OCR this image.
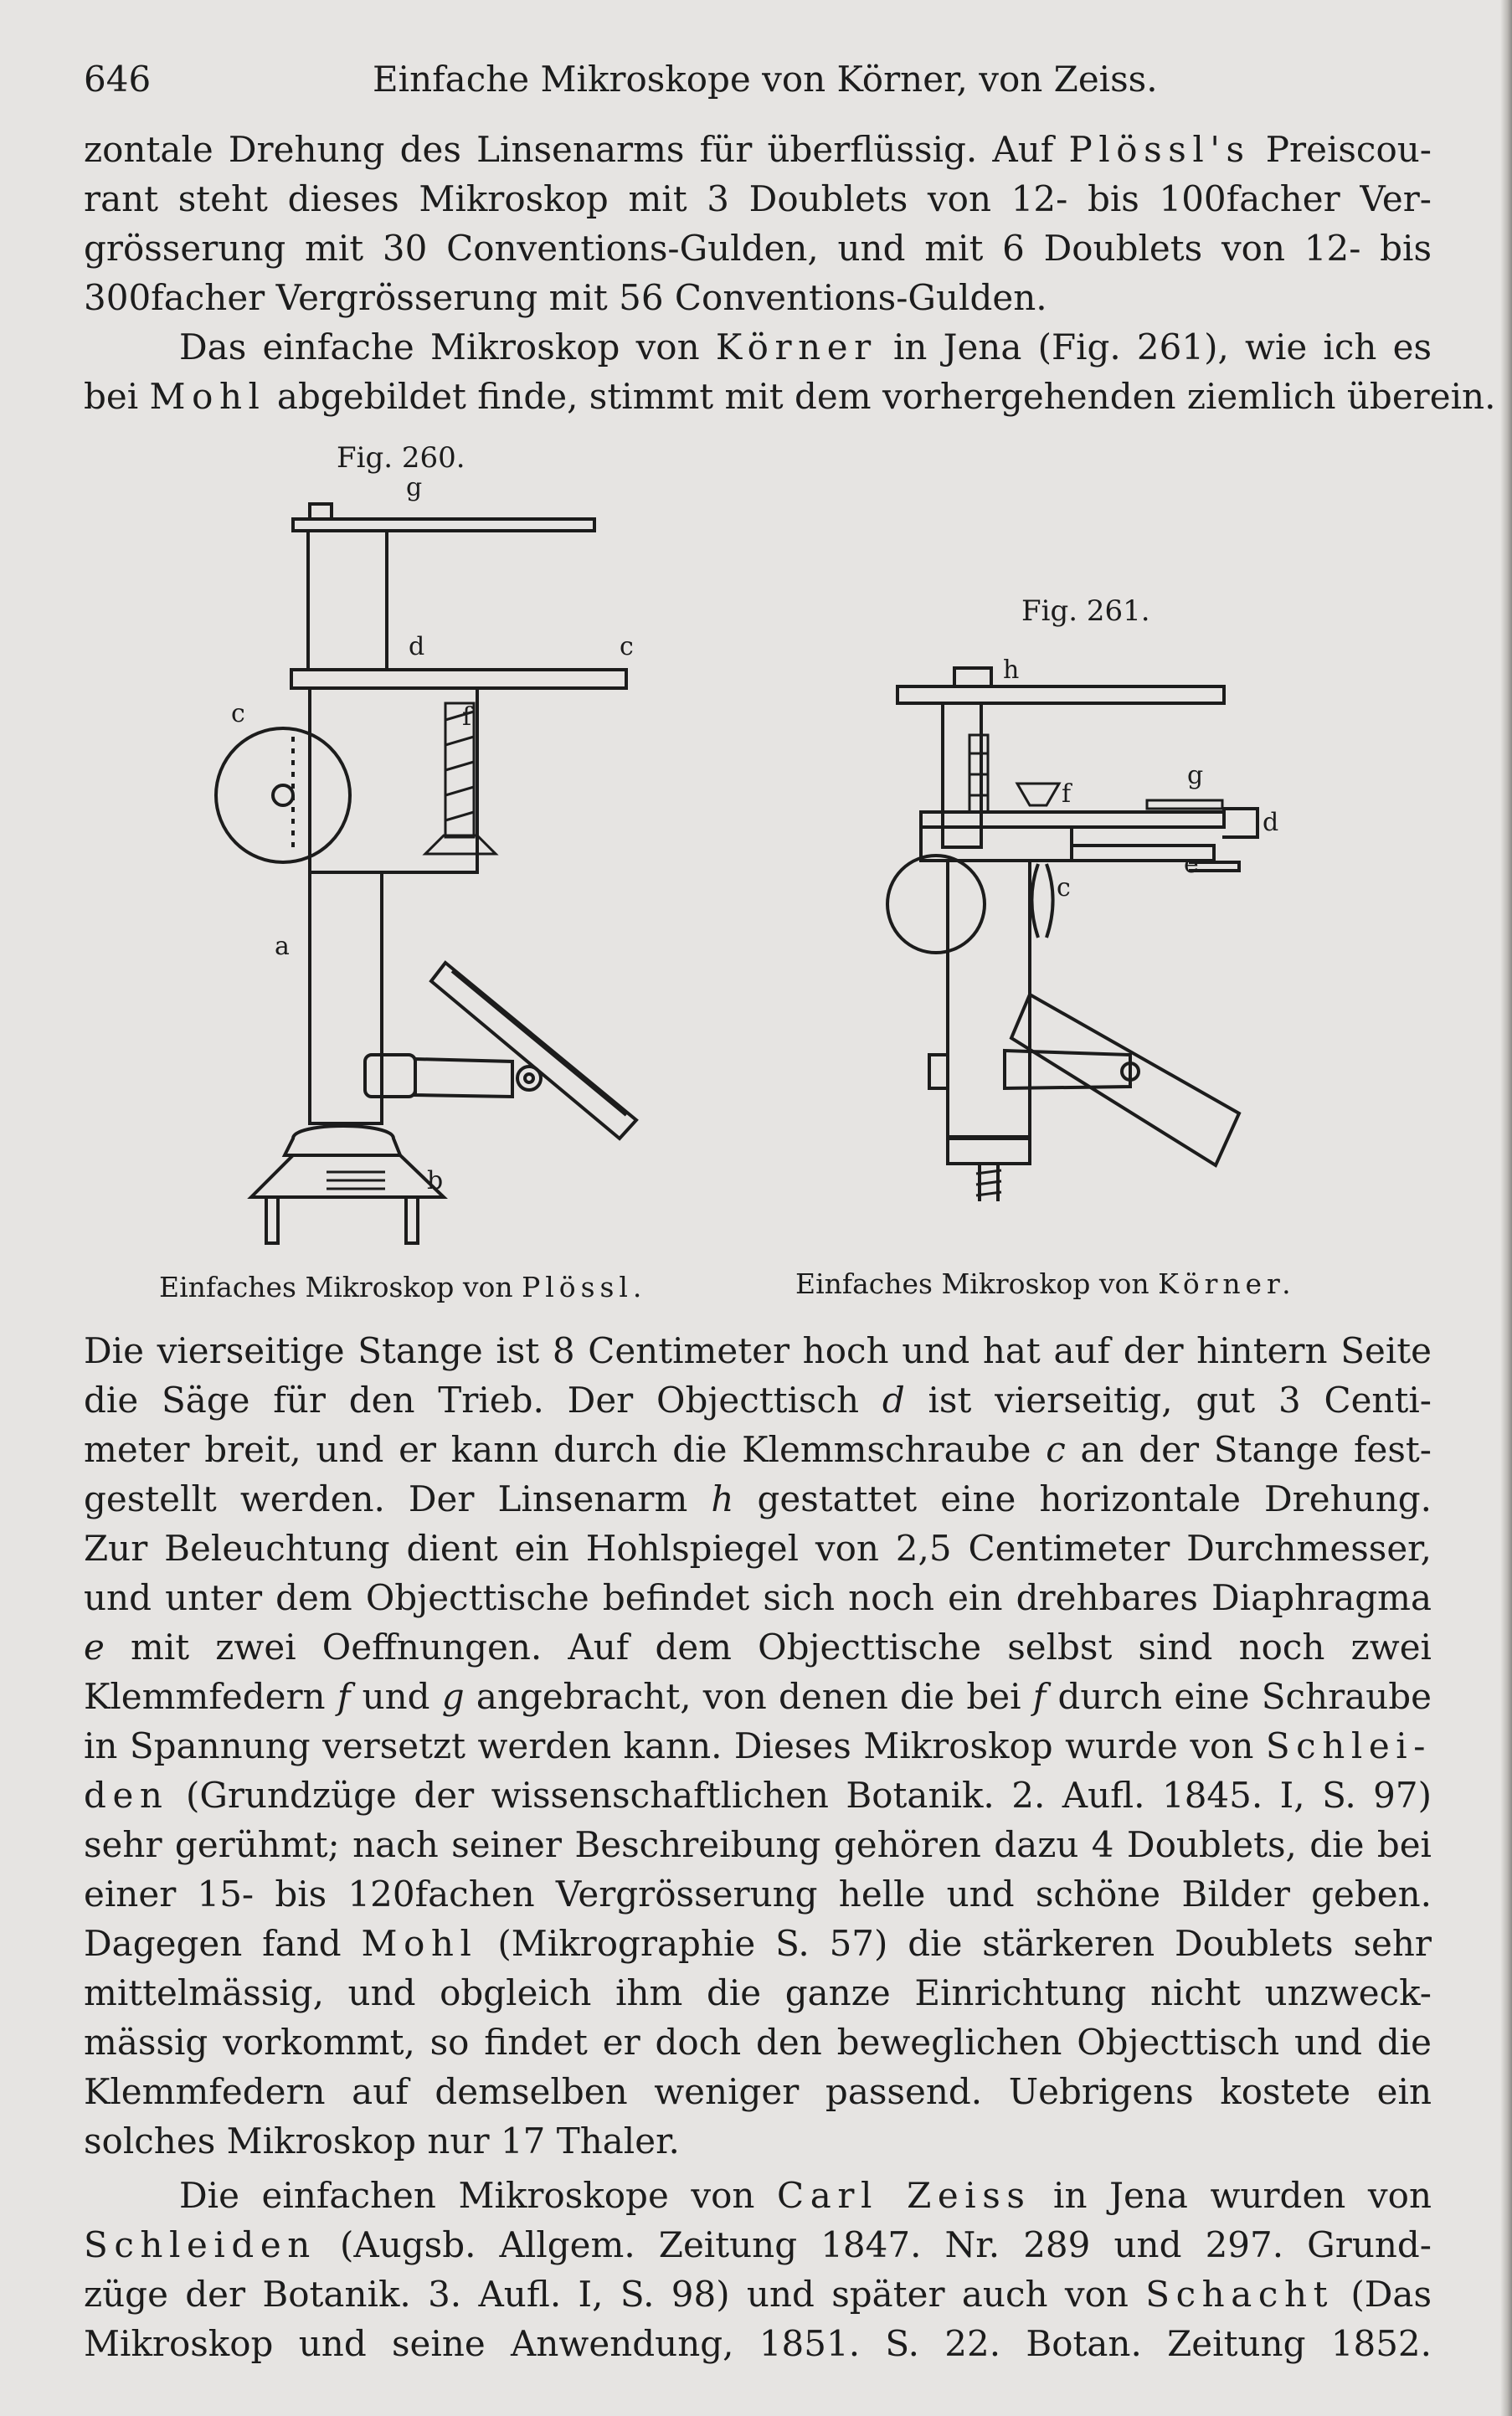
646	Einfache Mikroskope von Körner, von Zeiss.
zontale Drehung des Linsenarms für überflüssig. Auf Plössl's Preiscou-
rant steht dieses Mikroskop mit 3 Doublets von 12- bis 100facher Ver-
grösserung mit 30 Conventions-Gulden, und mit 6 Doublets von 12- bis
300facher Vergrösserung mit 56 Conventions-Gulden.
Das einfache Mikroskop von Körner in Jena (Fig. 261), wie ich es
bei Mohl abgebildet finde, stimmt mit dem vorhergehenden ziemlich überein.
Fig. 260.
Fig. 261.
g
d	c
c	f
a
b
h
f
g
d
e
c
Einfaches Mikroskop von Plössl.	Einfaches Mikroskop von Körner.
Die vierseitige Stange ist 8 Centimeter hoch und hat auf der hintern Seite
die Säge für den Trieb. Der Objecttisch d ist vierseitig, gut 3 Centi-
meter breit, und er kann durch die Klemmschraube c an der Stange fest-
gestellt werden. Der Linsenarm h gestattet eine horizontale Drehung.
Zur Beleuchtung dient ein Hohlspiegel von 2,5 Centimeter Durchmesser,
und unter dem Objecttische befindet sich noch ein drehbares Diaphragma
e mit zwei Oeffnungen. Auf dem Objecttische selbst sind noch zwei
Klemmfedern f und g angebracht, von denen die bei f durch eine Schraube
in Spannung versetzt werden kann. Dieses Mikroskop wurde von Schlei-
den (Grundzüge der wissenschaftlichen Botanik. 2. Aufl. 1845. I, S. 97)
sehr gerühmt; nach seiner Beschreibung gehören dazu 4 Doublets, die bei
einer 15- bis 120fachen Vergrösserung helle und schöne Bilder geben.
Dagegen fand Mohl (Mikrographie S. 57) die stärkeren Doublets sehr
mittelmässig, und obgleich ihm die ganze Einrichtung nicht unzweck-
mässig vorkommt, so findet er doch den beweglichen Objecttisch und die
Klemmfedern auf demselben weniger passend. Uebrigens kostete ein
solches Mikroskop nur 17 Thaler.
Die einfachen Mikroskope von Carl Zeiss in Jena wurden von
Schleiden (Augsb. Allgem. Zeitung 1847. Nr. 289 und 297. Grund-
züge der Botanik. 3. Aufl. I, S. 98) und später auch von Schacht (Das
Mikroskop und seine Anwendung, 1851. S. 22. Botan. Zeitung 1852.
